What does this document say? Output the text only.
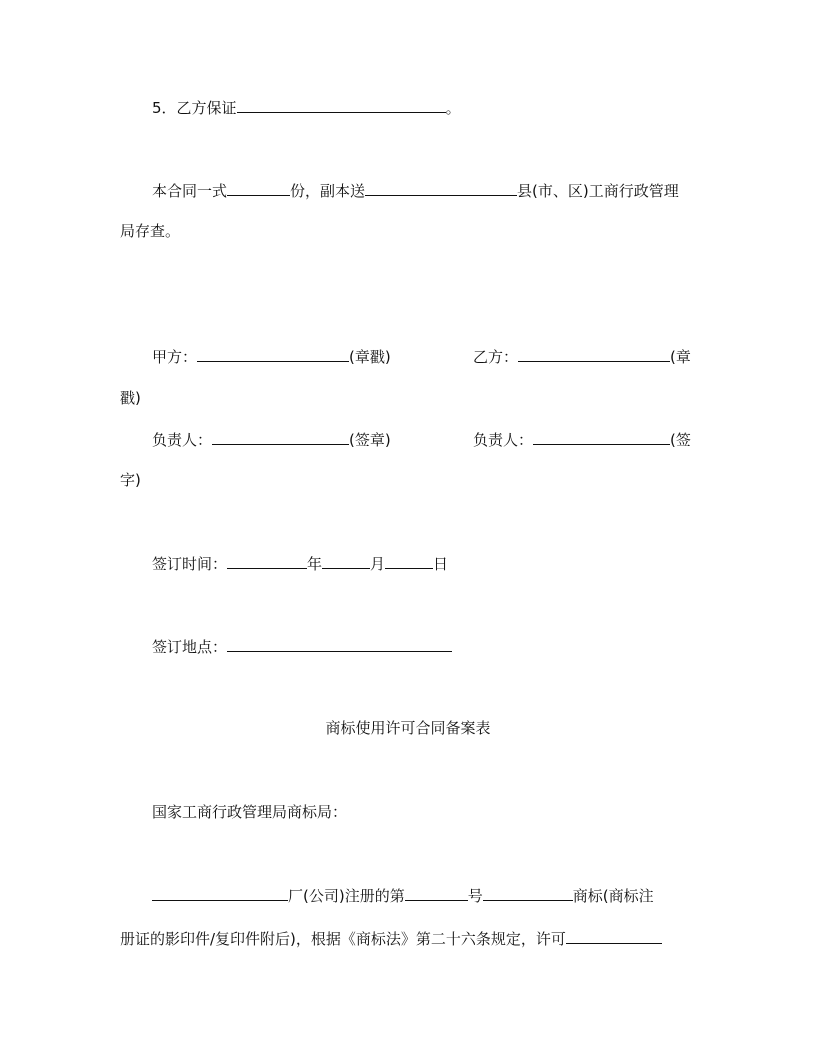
5．乙方保证	。
本合同一式	份，副本送	县(市、区)工商行政管理
局存查。
甲方：	(章戳)	乙方：	(章
戳)
负责人：	(签章)	负责人：	(签
字)
签订时间：	年	月	日
签订地点：
商标使用许可合同备案表
国家工商行政管理局商标局：
厂(公司)注册的第	号	商标(商标注
册证的影印件/复印件附后)，根据《商标法》第二十六条规定，许可
